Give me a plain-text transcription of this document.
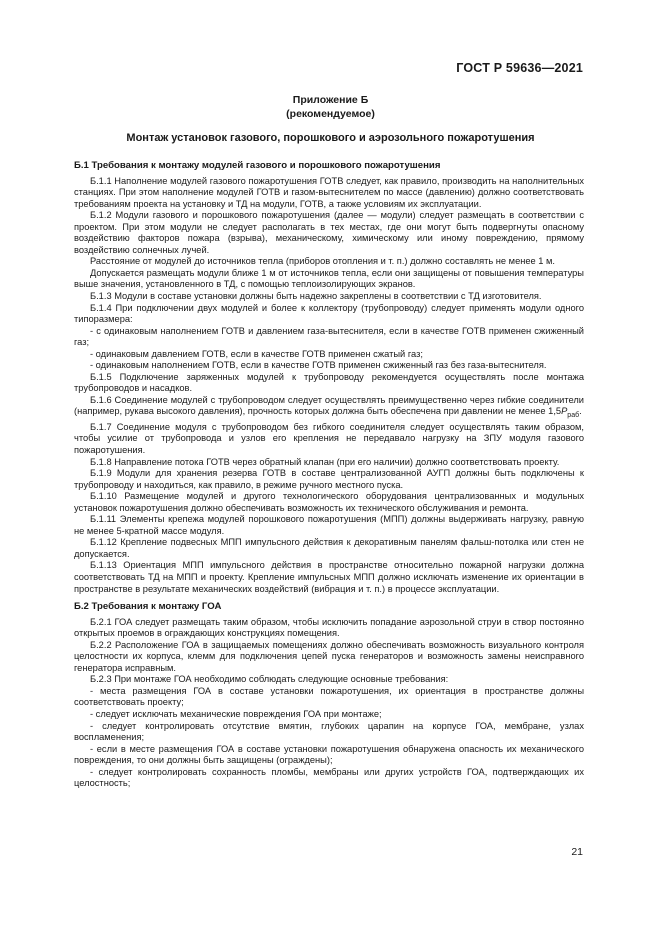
ГОСТ Р 59636—2021
Приложение Б
(рекомендуемое)
Монтаж установок газового, порошкового и аэрозольного пожаротушения

Б.1 Требования к монтажу модулей газового и порошкового пожаротушения

Б.1.1 Наполнение модулей газового пожаротушения ГОТВ следует, как правило, производить на наполнительных станциях. При этом наполнение модулей ГОТВ и газом-вытеснителем по массе (давлению) должно соответствовать требованиям проекта на установку и ТД на модули, ГОТВ, а также условиям их эксплуатации.

Б.1.2 Модули газового и порошкового пожаротушения (далее — модули) следует размещать в соответствии с проектом. При этом модули не следует располагать в тех местах, где они могут быть подвергнуты опасному воздействию факторов пожара (взрыва), механическому, химическому или иному повреждению, прямому воздействию солнечных лучей.

Расстояние от модулей до источников тепла (приборов отопления и т. п.) должно составлять не менее 1 м.

Допускается размещать модули ближе 1 м от источников тепла, если они защищены от повышения температуры выше значения, установленного в ТД, с помощью теплоизолирующих экранов.

Б.1.3 Модули в составе установки должны быть надежно закреплены в соответствии с ТД изготовителя.

Б.1.4 При подключении двух модулей и более к коллектору (трубопроводу) следует применять модули одного типоразмера:

- с одинаковым наполнением ГОТВ и давлением газа-вытеснителя, если в качестве ГОТВ применен сжиженный газ;

- одинаковым давлением ГОТВ, если в качестве ГОТВ применен сжатый газ;

- одинаковым наполнением ГОТВ, если в качестве ГОТВ применен сжиженный газ без газа-вытеснителя.

Б.1.5 Подключение заряженных модулей к трубопроводу рекомендуется осуществлять после монтажа трубопроводов и насадков.

Б.1.6 Соединение модулей с трубопроводом следует осуществлять преимущественно через гибкие соединители (например, рукава высокого давления), прочность которых должна быть обеспечена при давлении не менее $1,5P_{раб}$.

Б.1.7 Соединение модуля с трубопроводом без гибкого соединителя следует осуществлять таким образом, чтобы усилие от трубопровода и узлов его крепления не передавало нагрузку на ЗПУ модуля газового пожаротушения.

Б.1.8 Направление потока ГОТВ через обратный клапан (при его наличии) должно соответствовать проекту.

Б.1.9 Модули для хранения резерва ГОТВ в составе централизованной АУГП должны быть подключены к трубопроводу и находиться, как правило, в режиме ручного местного пуска.

Б.1.10 Размещение модулей и другого технологического оборудования централизованных и модульных установок пожаротушения должно обеспечивать возможность их технического обслуживания и ремонта.

Б.1.11 Элементы крепежа модулей порошкового пожаротушения (МПП) должны выдерживать нагрузку, равную не менее 5-кратной массе модуля.

Б.1.12 Крепление подвесных МПП импульсного действия к декоративным панелям фальш-потолка или стен не допускается.

Б.1.13 Ориентация МПП импульсного действия в пространстве относительно пожарной нагрузки должна соответствовать ТД на МПП и проекту. Крепление импульсных МПП должно исключать изменение их ориентации в пространстве в результате механических воздействий (вибрация и т. п.) в процессе эксплуатации.

Б.2 Требования к монтажу ГОА

Б.2.1 ГОА следует размещать таким образом, чтобы исключить попадание аэрозольной струи в створ постоянно открытых проемов в ограждающих конструкциях помещения.

Б.2.2 Расположение ГОА в защищаемых помещениях должно обеспечивать возможность визуального контроля целостности их корпуса, клемм для подключения цепей пуска генераторов и возможность замены неисправного генератора исправным.

Б.2.3 При монтаже ГОА необходимо соблюдать следующие основные требования:

- места размещения ГОА в составе установки пожаротушения, их ориентация в пространстве должны соответствовать проекту;

- следует исключать механические повреждения ГОА при монтаже;

- следует контролировать отсутствие вмятин, глубоких царапин на корпусе ГОА, мембране, узлах воспламенения;

- если в месте размещения ГОА в составе установки пожаротушения обнаружена опасность их механического повреждения, то они должны быть защищены (ограждены);

- следует контролировать сохранность пломбы, мембраны или других устройств ГОА, подтверждающих их целостность;

21
